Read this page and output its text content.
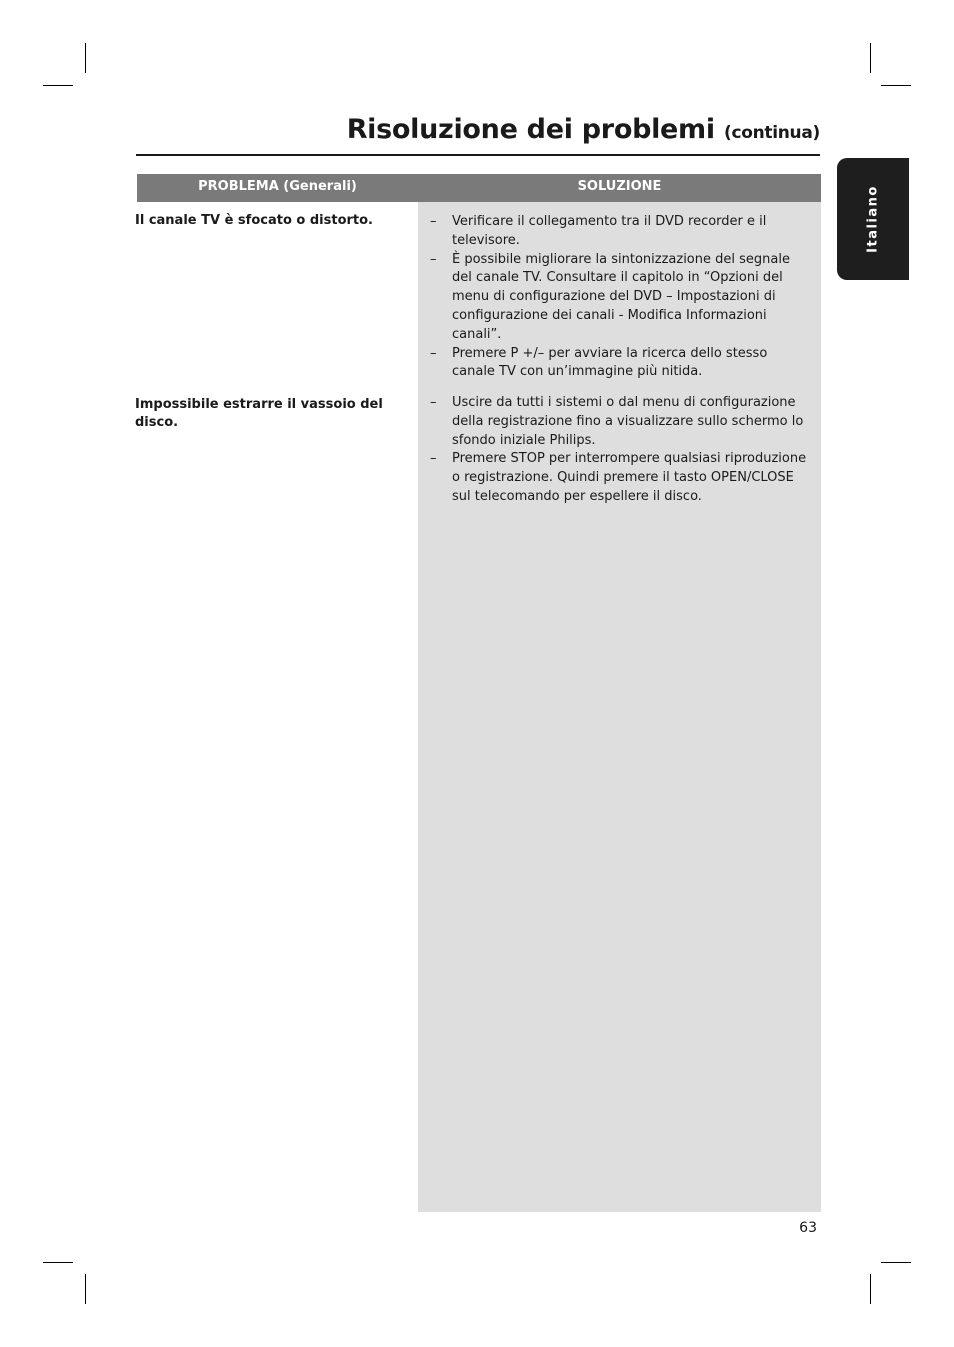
Risoluzione dei problemi (continua)
Italiano
PROBLEMA (Generali)	SOLUZIONE

Il canale TV è sfocato o distorto.	– Verificare il collegamento tra il DVD recorder e il televisore.
– È possibile migliorare la sintonizzazione del segnale del canale TV. Consultare il capitolo in “Opzioni del menu di configurazione del DVD – Impostazioni di configurazione dei canali - Modifica Informazioni canali”.
– Premere P +/– per avviare la ricerca dello stesso canale TV con un’immagine più nitida.

Impossibile estrarre il vassoio del disco.

– Uscire da tutti i sistemi o dal menu di configurazione della registrazione fino a visualizzare sullo schermo lo sfondo iniziale Philips.
– Premere STOP per interrompere qualsiasi riproduzione o registrazione. Quindi premere il tasto OPEN/CLOSE sul telecomando per espellere il disco.
63
